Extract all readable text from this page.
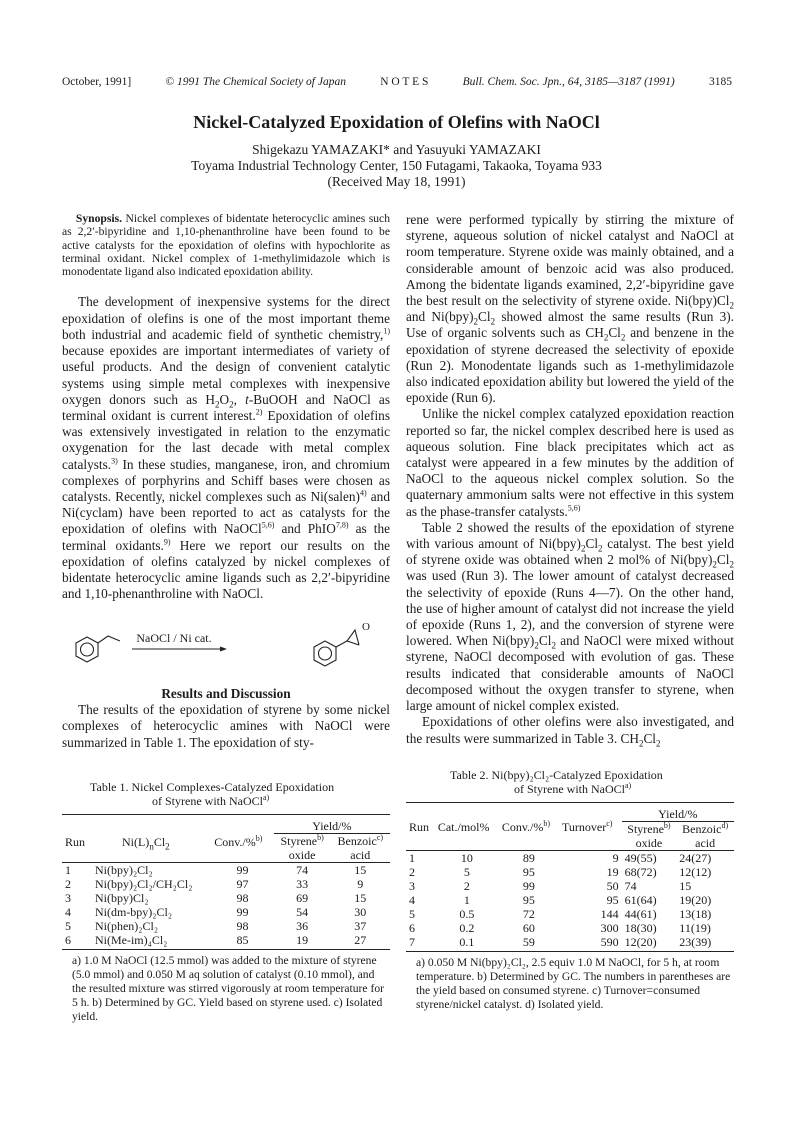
October, 1991]	© 1991 The Chemical Society of Japan	N O T E S	Bull. Chem. Soc. Jpn., 64, 3185—3187 (1991)	3185
Nickel-Catalyzed Epoxidation of Olefins with NaOCl
Shigekazu YAMAZAKI* and Yasuyuki YAMAZAKI
Toyama Industrial Technology Center, 150 Futagami, Takaoka, Toyama 933
(Received May 18, 1991)

Synopsis. Nickel complexes of bidentate heterocyclic amines such as 2,2′-bipyridine and 1,10-phenanthroline have been found to be active catalysts for the epoxidation of olefins with hypochlorite as terminal oxidant. Nickel complex of 1-methylimidazole which is monodentate ligand also indicated epoxidation ability.

The development of inexpensive systems for the direct epoxidation of olefins is one of the most important theme both industrial and academic field of synthetic chemistry,$^{1)}$ because epoxides are important intermediates of variety of useful products. And the design of convenient catalytic systems using simple metal complexes with inexpensive oxygen donors such as $H_2O_2$, t-BuOOH and NaOCl as terminal oxidant is current interest.$^{2)}$ Epoxidation of olefins was extensively investigated in relation to the enzymatic oxygenation for the last decade with metal complex catalysts.$^{3)}$ In these studies, manganese, iron, and chromium complexes of porphyrins and Schiff bases were chosen as catalysts. Recently, nickel complexes such as Ni(salen)$^{4)}$ and Ni(cyclam) have been reported to act as catalysts for the epoxidation of olefins with NaOCl$^{5,6)}$ and PhIO$^{7,8)}$ as the terminal oxidants.$^{9)}$ Here we report our results on the epoxidation of olefins catalyzed by nickel complexes of bidentate heterocyclic amine ligands such as 2,2′-bipyridine and 1,10-phenanthroline with NaOCl.

NaOCl / Ni cat.
O

Results and Discussion

The results of the epoxidation of styrene by some nickel complexes of heterocyclic amines with NaOCl were summarized in Table 1. The epoxidation of sty-

rene were performed typically by stirring the mixture of styrene, aqueous solution of nickel catalyst and NaOCl at room temperature. Styrene oxide was mainly obtained, and a considerable amount of benzoic acid was also produced. Among the bidentate ligands examined, 2,2′-bipyridine gave the best result on the selectivity of styrene oxide. $Ni(bpy)Cl_2$ and $Ni(bpy)_2Cl_2$ showed almost the same results (Run 3). Use of organic solvents such as $CH_2Cl_2$ and benzene in the epoxidation of styrene decreased the selectivity of epoxide (Run 2). Monodentate ligands such as 1-methylimidazole also indicated epoxidation ability but lowered the yield of the epoxide (Run 6).

Unlike the nickel complex catalyzed epoxidation reaction reported so far, the nickel complex described here is used as aqueous solution. Fine black precipitates which act as catalyst were appeared in a few minutes by the addition of NaOCl to the aqueous nickel complex solution. So the quaternary ammonium salts were not effective in this system as the phase-transfer catalysts.$^{5,6)}$

Table 2 showed the results of the epoxidation of styrene with various amount of $Ni(bpy)_2Cl_2$ catalyst. The best yield of styrene oxide was obtained when 2 mol% of $Ni(bpy)_2Cl_2$ was used (Run 3). The lower amount of catalyst decreased the selectivity of epoxide (Runs 4—7). On the other hand, the use of higher amount of catalyst did not increase the yield of epoxide (Runs 1, 2), and the conversion of styrene were lowered. When $Ni(bpy)_2Cl_2$ and NaOCl were mixed without styrene, NaOCl decomposed with evolution of gas. These results indicated that considerable amounts of NaOCl decomposed without the oxygen transfer to styrene, when large amount of nickel complex existed.

Epoxidations of other olefins were also investigated, and the results were summarized in Table 3. $CH_2Cl_2$

Table 1. Nickel Complexes-Catalyzed Epoxidation
of Styrene with NaOCl$^{a)}$
Run	$Ni(L)_nCl_2$	Conv./%$^{b)}$	Yield/%	
			Styrene$^{b)}$	Benzoic$^{c)}$
			oxide	acid
1	Ni(bpy)₂Cl₂	99	74	15
2	Ni(bpy)₂Cl₂/CH₂Cl₂	97	33	9
3	Ni(bpy)Cl₂	98	69	15
4	Ni(dm-bpy)₂Cl₂	99	54	30
5	Ni(phen)₂Cl₂	98	36	37
6	Ni(Me-im)₄Cl₂	85	19	27
a) 1.0 M NaOCl (12.5 mmol) was added to the mixture of styrene (5.0 mmol) and 0.050 M aq solution of catalyst (0.10 mmol), and the resulted mixture was stirred vigorously at room temperature for 5 h. b) Determined by GC. Yield based on styrene used. c) Isolated yield.
Table 2. Ni(bpy)₂Cl₂-Catalyzed Epoxidation
of Styrene with NaOCl$^{a)}$
Run	Cat./mol%	Conv./%$^{b)}$	Turnover$^{c)}$	Yield/%	
				Styrene$^{b)}$	Benzoic$^{d)}$
				oxide	acid
1	10	89	9	49(55)	24(27)
2	5	95	19	68(72)	12(12)
3	2	99	50	74	15
4	1	95	95	61(64)	19(20)
5	0.5	72	144	44(61)	13(18)
6	0.2	60	300	18(30)	11(19)
7	0.1	59	590	12(20)	23(39)
a) 0.050 M Ni(bpy)₂Cl₂, 2.5 equiv 1.0 M NaOCl, for 5 h, at room temperature. b) Determined by GC. The numbers in parentheses are the yield based on consumed styrene. c) Turnover=consumed styrene/nickel catalyst. d) Isolated yield.
